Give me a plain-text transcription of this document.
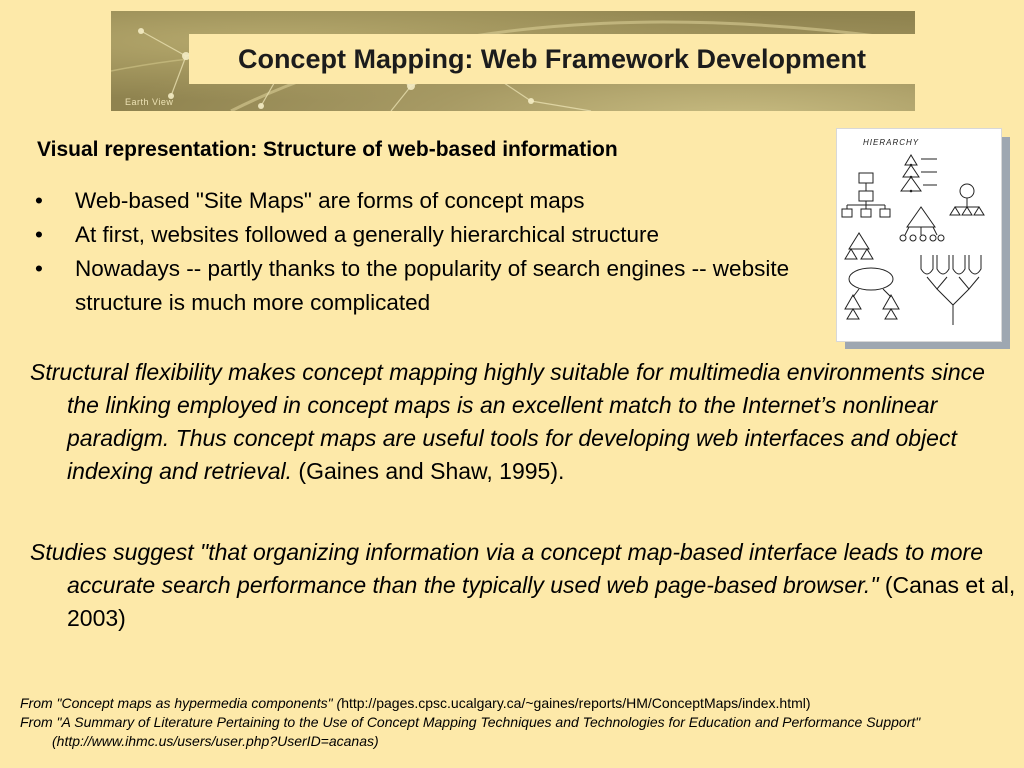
Earth View
Concept Mapping: Web Framework Development
Visual representation: Structure of web-based information
• Web-based "Site Maps" are forms of concept maps
• At first, websites followed a generally hierarchical structure
• Nowadays -- partly thanks to the popularity of search engines -- website structure is much more complicated
HIERARCHY

Structural flexibility makes concept mapping highly suitable for multimedia environments since the linking employed in concept maps is an excellent match to the Internet’s nonlinear paradigm. Thus concept maps are useful tools for developing web interfaces and object indexing and retrieval. (Gaines and Shaw, 1995).

Studies suggest "that organizing information via a concept map-based interface leads to more accurate search performance than the typically used web page-based browser." (Canas et al, 2003)

From "Concept maps as hypermedia components" (http://pages.cpsc.ucalgary.ca/~gaines/reports/HM/ConceptMaps/index.html)
From "A Summary of Literature Pertaining to the Use of Concept Mapping Techniques and Technologies for Education and Performance Support" (http://www.ihmc.us/users/user.php?UserID=acanas)
